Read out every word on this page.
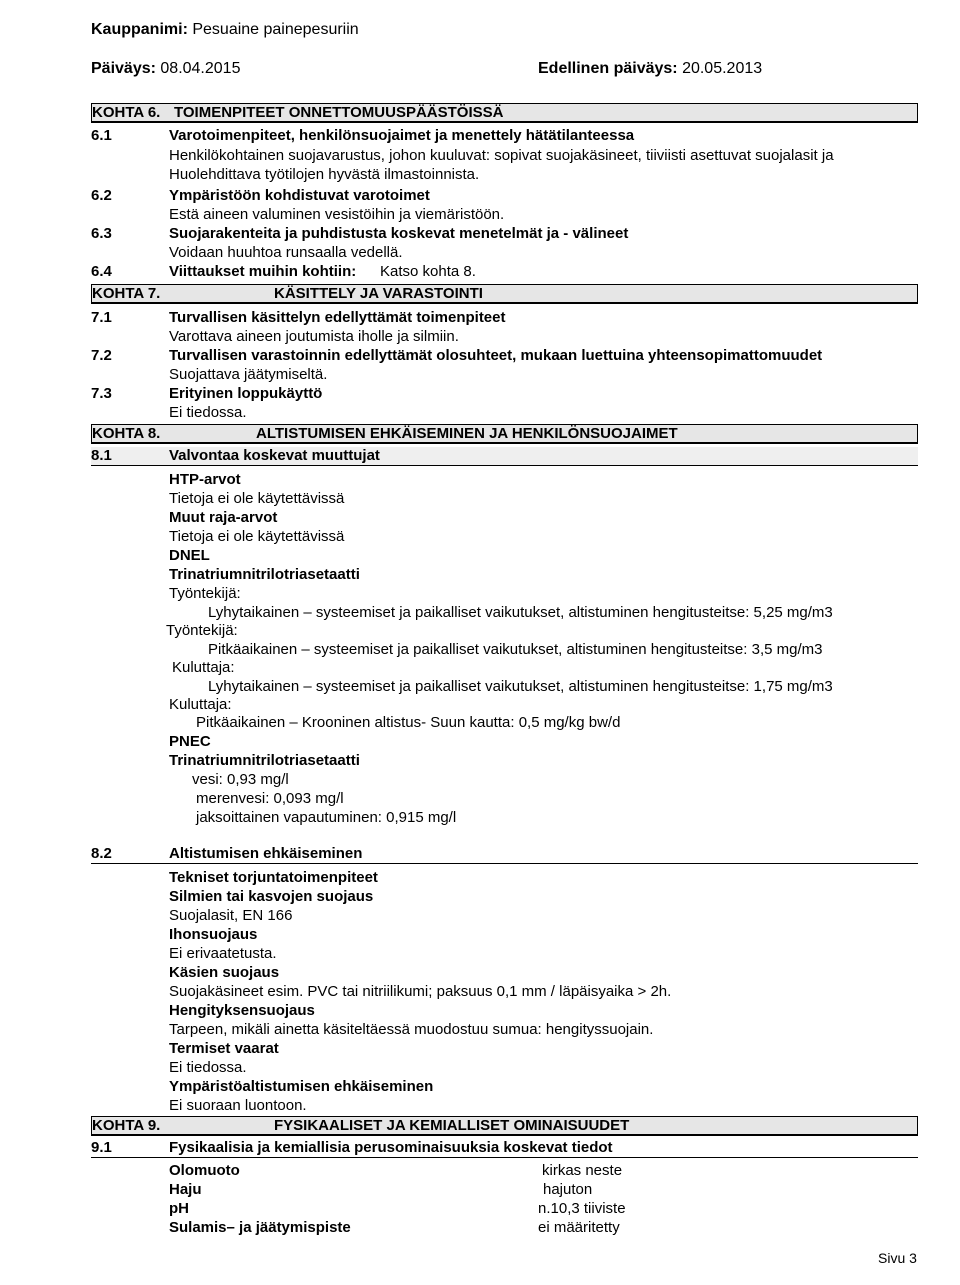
Kauppanimi: Pesuaine painepesuriin
Päiväys: 08.04.2015	Edellinen päiväys: 20.05.2013
KOHTA 6. TOIMENPITEET ONNETTOMUUSPÄÄSTÖISSÄ
6.1	Varotoimenpiteet, henkilönsuojaimet ja menettely hätätilanteessa
Henkilökohtainen suojavarustus, johon kuuluvat: sopivat suojakäsineet, tiiviisti asettuvat suojalasit ja
Huolehdittava työtilojen hyvästä ilmastoinnista.
6.2	Ympäristöön kohdistuvat varotoimet
Estä aineen valuminen vesistöihin ja viemäristöön.
6.3	Suojarakenteita ja puhdistusta koskevat menetelmät ja - välineet
Voidaan huuhtoa runsaalla vedellä.
6.4	Viittaukset muihin kohtiin: Katso kohta 8.
KOHTA 7.	KÄSITTELY JA VARASTOINTI
7.1	Turvallisen käsittelyn edellyttämät toimenpiteet
Varottava aineen joutumista iholle ja silmiin.
7.2	Turvallisen varastoinnin edellyttämät olosuhteet, mukaan luettuina yhteensopimattomuudet
Suojattava jäätymiseltä.
7.3	Erityinen loppukäyttö
Ei tiedossa.
KOHTA 8.	ALTISTUMISEN EHKÄISEMINEN JA HENKILÖNSUOJAIMET
8.1	Valvontaa koskevat muuttujat
HTP-arvot
Tietoja ei ole käytettävissä
Muut raja-arvot
Tietoja ei ole käytettävissä
DNEL
Trinatriumnitrilotriasetaatti
Työntekijä:
Lyhytaikainen – systeemiset ja paikalliset vaikutukset, altistuminen hengitusteitse: 5,25 mg/m3
Työntekijä:
Pitkäaikainen – systeemiset ja paikalliset vaikutukset, altistuminen hengitusteitse: 3,5 mg/m3
Kuluttaja:
Lyhytaikainen – systeemiset ja paikalliset vaikutukset, altistuminen hengitusteitse: 1,75 mg/m3
Kuluttaja:
Pitkäaikainen – Krooninen altistus- Suun kautta: 0,5 mg/kg bw/d
PNEC
Trinatriumnitrilotriasetaatti
vesi: 0,93 mg/l
merenvesi: 0,093 mg/l
jaksoittainen vapautuminen: 0,915 mg/l
8.2	Altistumisen ehkäiseminen
Tekniset torjuntatoimenpiteet
Silmien tai kasvojen suojaus
Suojalasit, EN 166
Ihonsuojaus
Ei erivaatetusta.
Käsien suojaus
Suojakäsineet esim. PVC tai nitriilikumi; paksuus 0,1 mm / läpäisyaika > 2h.
Hengityksensuojaus
Tarpeen, mikäli ainetta käsiteltäessä muodostuu sumua: hengityssuojain.
Termiset vaarat
Ei tiedossa.
Ympäristöaltistumisen ehkäiseminen
Ei suoraan luontoon.
KOHTA 9.	FYSIKAALISET JA KEMIALLISET OMINAISUUDET
9.1	Fysikaalisia ja kemiallisia perusominaisuuksia koskevat tiedot
Olomuoto	kirkas neste
Haju	hajuton
pH	n.10,3 tiiviste
Sulamis– ja jäätymispiste	ei määritetty
Sivu 3
